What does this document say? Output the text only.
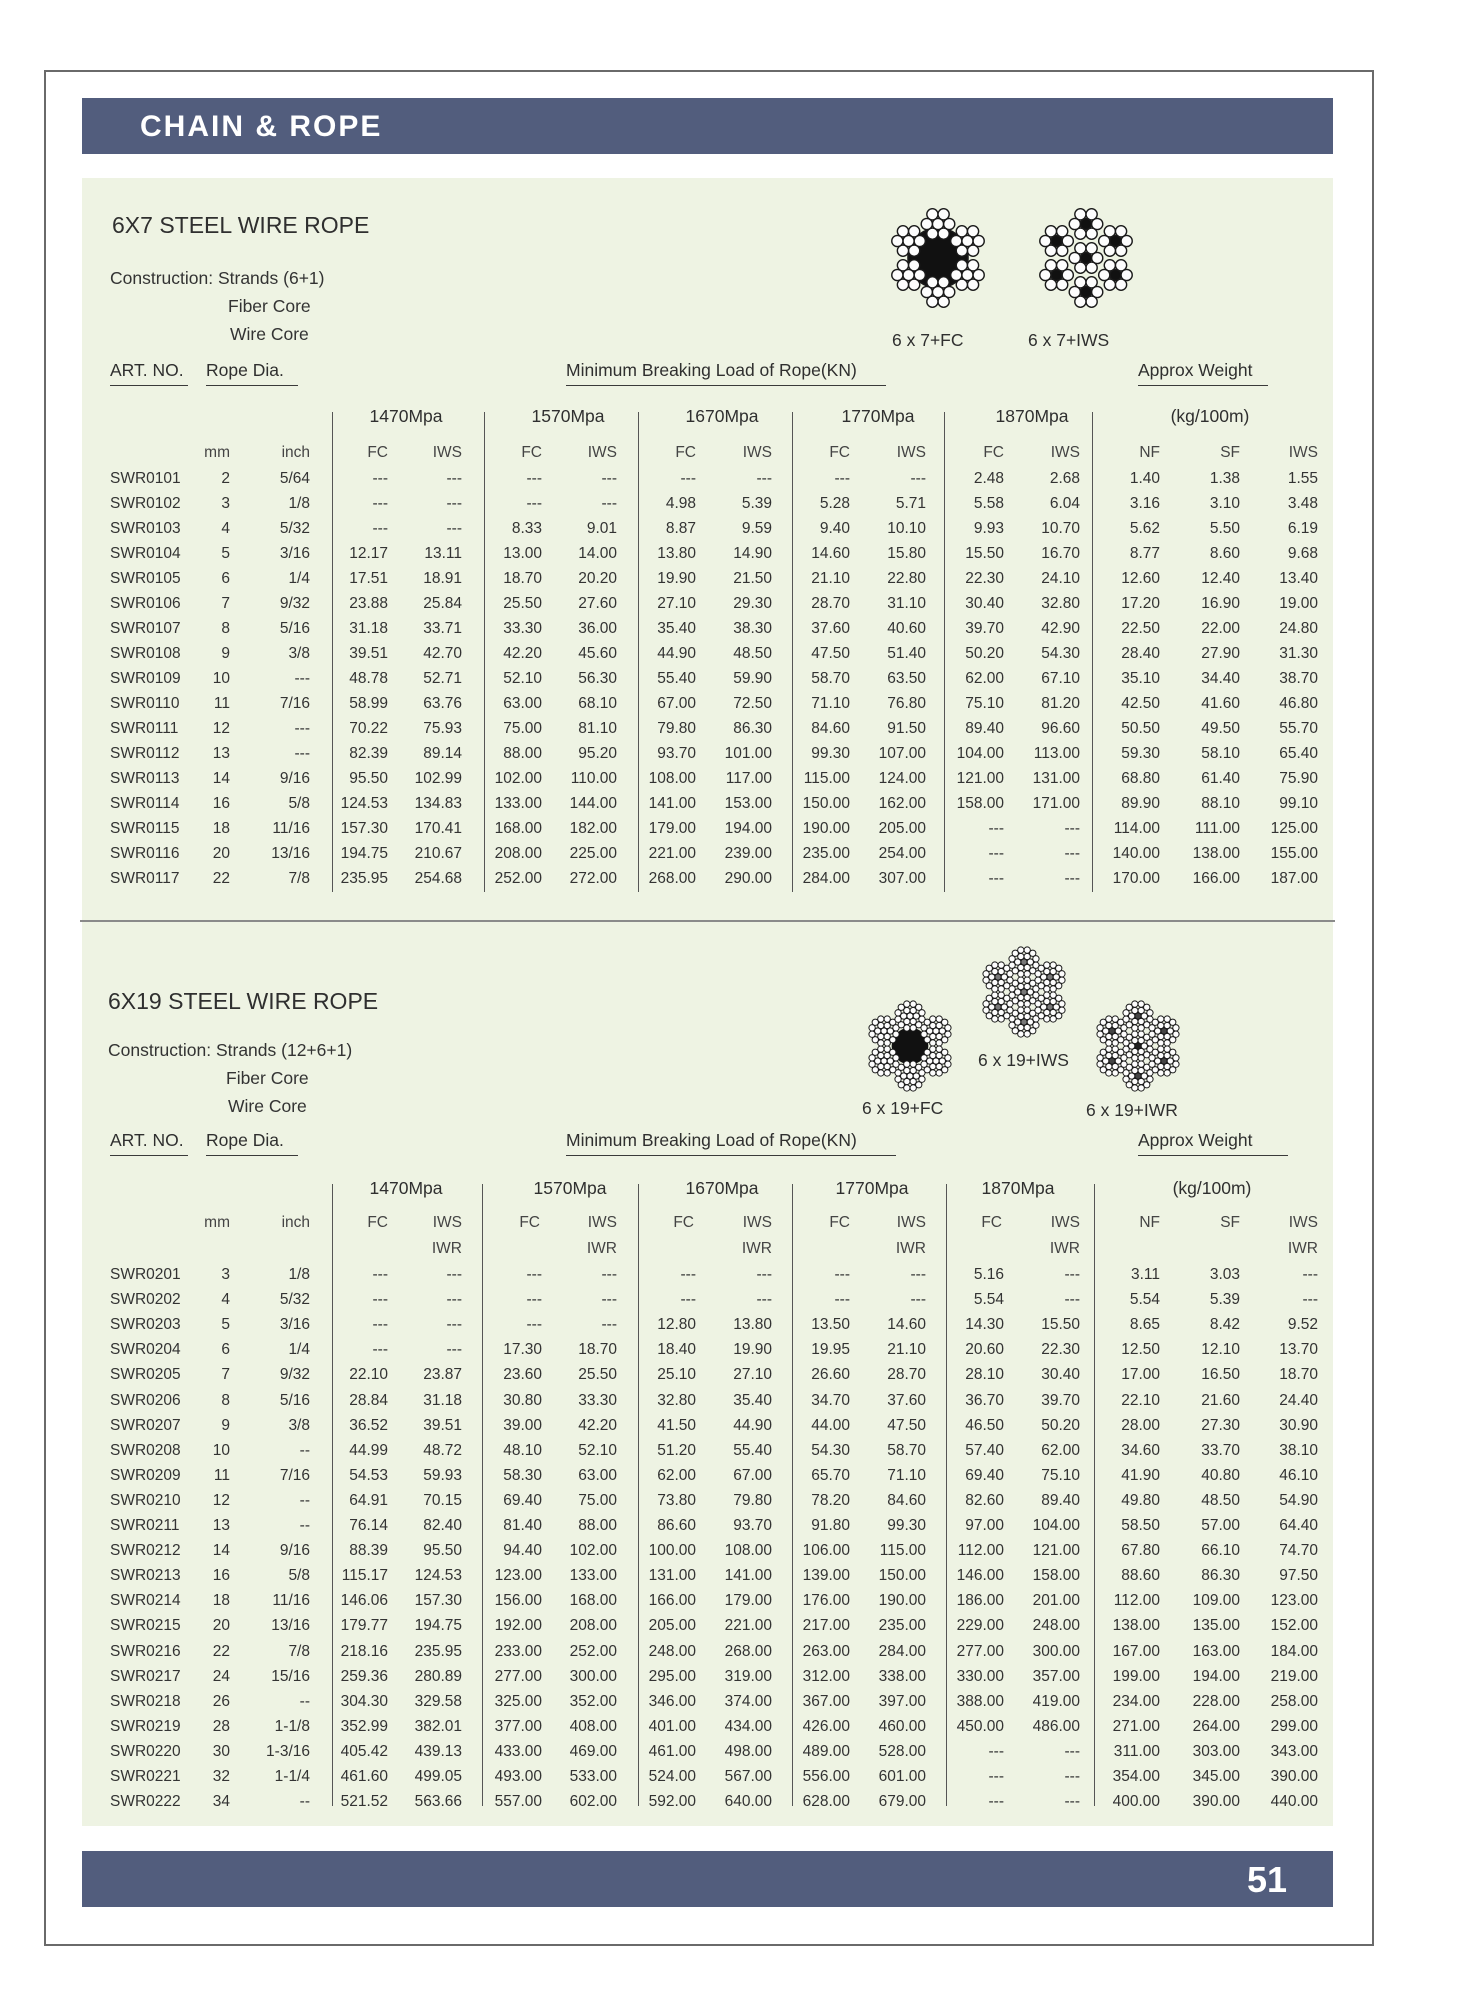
CHAIN & ROPE
6X7 STEEL WIRE ROPE
Construction: Strands (6+1)
Fiber Core
Wire Core	6 x 7+FC	6 x 7+IWS
ART. NO. Rope Dia.	Minimum Breaking Load of Rope(KN)	Approx Weight
1470Mpa	1570Mpa	1670Mpa	1770Mpa	1870Mpa	(kg/100m)
mm	inch	FC	IWS	FC	IWS	FC	IWS	FC	IWS	FC	IWS	NF	SF	IWS
SWR0101	2	5/64	---	---	---	---	---	---	---	---	2.48	2.68	1.40	1.38	1.55
SWR0102	3	1/8	---	---	---	---	4.98	5.39	5.28	5.71	5.58	6.04	3.16	3.10	3.48
SWR0103	4	5/32	---	---	8.33	9.01	8.87	9.59	9.40 10.10	9.93 10.70	5.62	5.50	6.19
SWR0104	5	3/16	12.17 13.11	13.00 14.00	13.80 14.90	14.60 15.80	15.50 16.70	8.77	8.60	9.68
SWR0105	6	1/4	17.51 18.91	18.70 20.20	19.90 21.50	21.10 22.80	22.30 24.10	12.60	12.40	13.40
SWR0106	7	9/32	23.88 25.84	25.50 27.60	27.10 29.30	28.70 31.10	30.40 32.80	17.20	16.90	19.00
SWR0107	8	5/16	31.18 33.71	33.30 36.00	35.40 38.30	37.60 40.60	39.70 42.90	22.50	22.00	24.80
SWR0108	9	3/8	39.51 42.70	42.20 45.60	44.90 48.50	47.50 51.40	50.20 54.30	28.40	27.90	31.30
SWR0109 10	---	48.78 52.71	52.10 56.30	55.40 59.90	58.70 63.50	62.00 67.10	35.10	34.40	38.70
SWR0110 11	7/16	58.99 63.76	63.00 68.10	67.00 72.50	71.10 76.80	75.10 81.20	42.50	41.60	46.80
SWR0111 12	---	70.22 75.93	75.00 81.10	79.80 86.30	84.60 91.50	89.40 96.60	50.50	49.50	55.70
SWR0112 13	---	82.39 89.14	88.00 95.20	93.70 101.00	99.30 107.00 104.00 113.00	59.30	58.10	65.40
SWR0113 14	9/16	95.50 102.99 102.00 110.00 108.00 117.00 115.00 124.00 121.00 131.00	68.80	61.40	75.90
SWR0114 16	5/8 124.53 134.83 133.00 144.00 141.00 153.00 150.00 162.00 158.00 171.00	89.90	88.10	99.10
SWR0115 18	11/16 157.30 170.41 168.00 182.00 179.00 194.00 190.00 205.00	---	--- 114.00 111.00 125.00
SWR0116 20	13/16 194.75 210.67 208.00 225.00 221.00 239.00 235.00 254.00	---	--- 140.00 138.00 155.00
SWR0117 22	7/8 235.95 254.68 252.00 272.00 268.00 290.00 284.00 307.00	---	--- 170.00 166.00 187.00
6X19 STEEL WIRE ROPE
Construction: Strands (12+6+1)
Fiber Core
Wire Core	6 x 19+FC
6 x 19+IWS
6 x 19+IWR
ART. NO. Rope Dia.	Minimum Breaking Load of Rope(KN)	Approx Weight
1470Mpa	1570Mpa	1670Mpa	1770Mpa	1870Mpa	(kg/100m)
mm	inch	FC	IWS	FC	IWS	FC	IWS	FC	IWS	FC	IWS	NF	SF	IWS
IWR	IWR	IWR	IWR	IWR	IWR
SWR0201	3	1/8	---	---	---	---	---	---	---	---	5.16	---	3.11	3.03	---
SWR0202	4	5/32	---	---	---	---	---	---	---	---	5.54	---	5.54	5.39	---
SWR0203	5	3/16	---	---	---	---	12.80 13.80	13.50 14.60	14.30 15.50	8.65	8.42	9.52
SWR0204	6	1/4	---	---	17.30 18.70	18.40 19.90	19.95 21.10	20.60 22.30	12.50	12.10	13.70
SWR0205	7	9/32	22.10 23.87	23.60 25.50	25.10 27.10	26.60 28.70	28.10 30.40	17.00	16.50	18.70
SWR0206	8	5/16	28.84 31.18	30.80 33.30	32.80 35.40	34.70 37.60	36.70 39.70	22.10	21.60	24.40
SWR0207	9	3/8	36.52 39.51	39.00 42.20	41.50 44.90	44.00 47.50	46.50 50.20	28.00	27.30	30.90
SWR0208 10	--	44.99 48.72	48.10 52.10	51.20 55.40	54.30 58.70	57.40 62.00	34.60	33.70	38.10
SWR0209 11	7/16	54.53 59.93	58.30 63.00	62.00 67.00	65.70 71.10	69.40 75.10	41.90	40.80	46.10
SWR0210 12	--	64.91 70.15	69.40 75.00	73.80 79.80	78.20 84.60	82.60 89.40	49.80	48.50	54.90
SWR0211 13	--	76.14 82.40	81.40 88.00	86.60 93.70	91.80 99.30	97.00 104.00	58.50	57.00	64.40
SWR0212 14	9/16	88.39 95.50	94.40 102.00 100.00 108.00 106.00 115.00 112.00 121.00	67.80	66.10	74.70
SWR0213 16	5/8 115.17 124.53 123.00 133.00 131.00 141.00 139.00 150.00 146.00 158.00	88.60	86.30	97.50
SWR0214 18	11/16 146.06 157.30 156.00 168.00 166.00 179.00 176.00 190.00 186.00 201.00 112.00 109.00 123.00
SWR0215 20	13/16 179.77 194.75 192.00 208.00 205.00 221.00 217.00 235.00 229.00 248.00 138.00 135.00 152.00
SWR0216 22	7/8 218.16 235.95 233.00 252.00 248.00 268.00 263.00 284.00 277.00 300.00 167.00 163.00 184.00
SWR0217 24	15/16 259.36 280.89 277.00 300.00 295.00 319.00 312.00 338.00 330.00 357.00 199.00 194.00 219.00
SWR0218 26	-- 304.30 329.58 325.00 352.00 346.00 374.00 367.00 397.00 388.00 419.00 234.00 228.00 258.00
SWR0219 28	1-1/8 352.99 382.01 377.00 408.00 401.00 434.00 426.00 460.00 450.00 486.00 271.00 264.00 299.00
SWR0220 30 1-3/16 405.42 439.13 433.00 469.00 461.00 498.00 489.00 528.00	---	--- 311.00 303.00 343.00
SWR0221 32	1-1/4 461.60 499.05 493.00 533.00 524.00 567.00 556.00 601.00	---	--- 354.00 345.00 390.00
SWR0222 34	-- 521.52 563.66 557.00 602.00 592.00 640.00 628.00 679.00	---	--- 400.00 390.00 440.00
51
